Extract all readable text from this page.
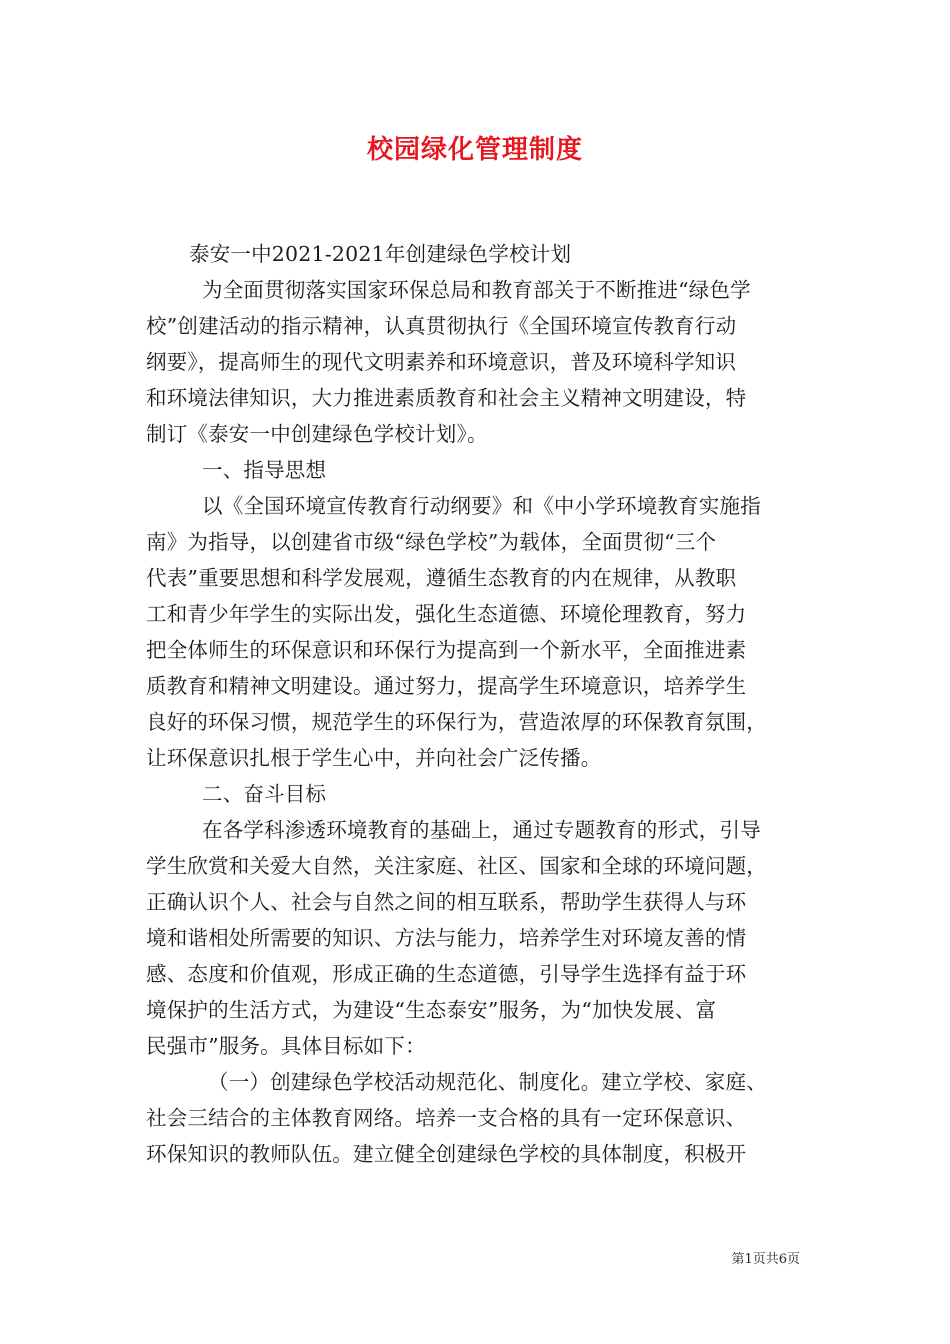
校园绿化管理制度
泰安一中2021-2021年创建绿色学校计划
为全面贯彻落实国家环保总局和教育部关于不断推进“绿色学
校”创建活动的指示精神，认真贯彻执行《全国环境宣传教育行动
纲要》，提高师生的现代文明素养和环境意识，普及环境科学知识
和环境法律知识，大力推进素质教育和社会主义精神文明建设，特
制订《泰安一中创建绿色学校计划》。
一、指导思想
以《全国环境宣传教育行动纲要》和《中小学环境教育实施指
南》为指导，以创建省市级“绿色学校”为载体，全面贯彻“三个
代表”重要思想和科学发展观，遵循生态教育的内在规律，从教职
工和青少年学生的实际出发，强化生态道德、环境伦理教育，努力
把全体师生的环保意识和环保行为提高到一个新水平，全面推进素
质教育和精神文明建设。通过努力，提高学生环境意识，培养学生
良好的环保习惯，规范学生的环保行为，营造浓厚的环保教育氛围，
让环保意识扎根于学生心中，并向社会广泛传播。
二、奋斗目标
在各学科渗透环境教育的基础上，通过专题教育的形式，引导
学生欣赏和关爱大自然，关注家庭、社区、国家和全球的环境问题，
正确认识个人、社会与自然之间的相互联系，帮助学生获得人与环
境和谐相处所需要的知识、方法与能力，培养学生对环境友善的情
感、态度和价值观，形成正确的生态道德，引导学生选择有益于环
境保护的生活方式，为建设“生态泰安”服务，为“加快发展、富
民强市”服务。具体目标如下：
（一）创建绿色学校活动规范化、制度化。建立学校、家庭、
社会三结合的主体教育网络。培养一支合格的具有一定环保意识、
环保知识的教师队伍。建立健全创建绿色学校的具体制度，积极开
第1页共6页
